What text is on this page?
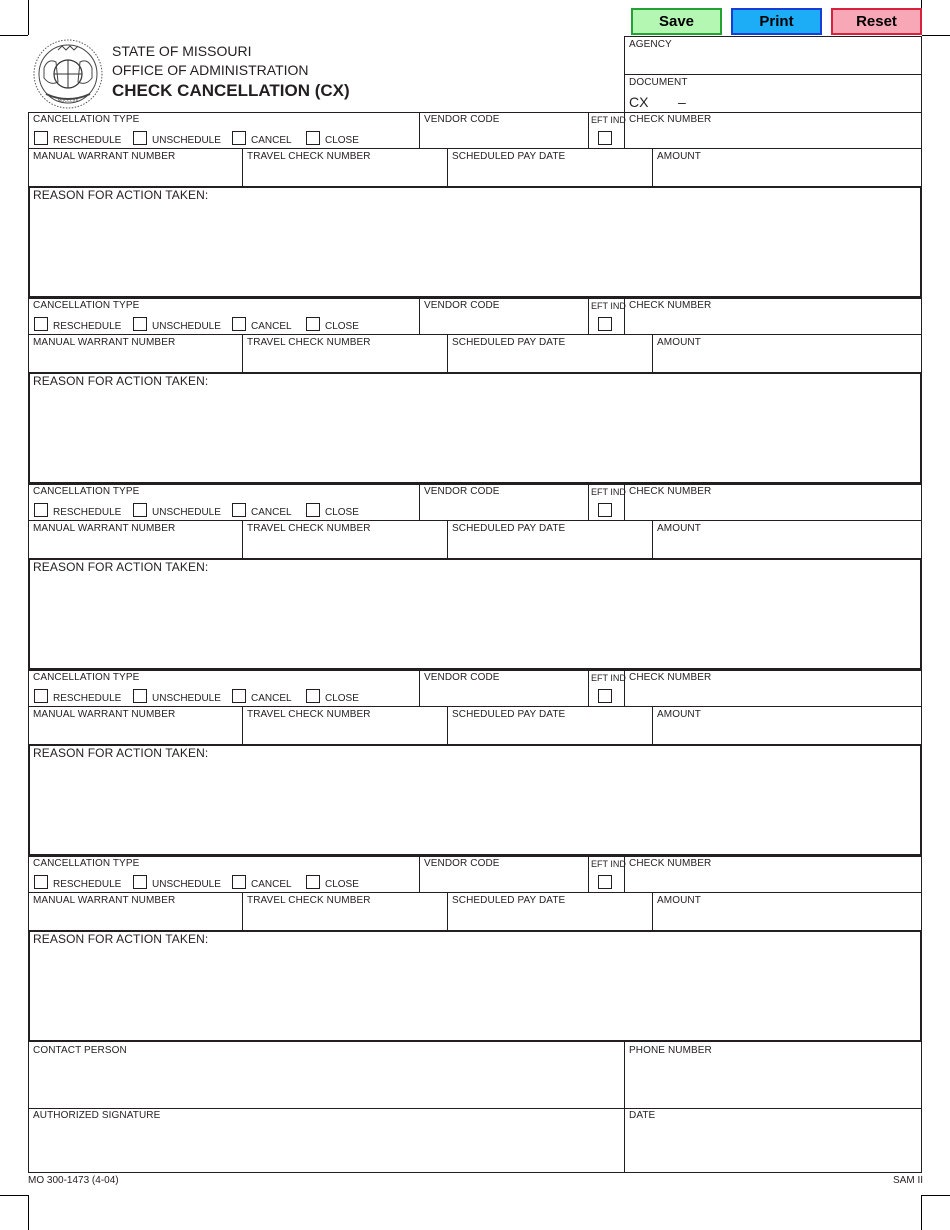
Save	Print	Reset
MDCCCXX
STATE OF MISSOURI
OFFICE OF ADMINISTRATION
CHECK CANCELLATION (CX)
AGENCY
DOCUMENT
CX –
CANCELLATION TYPE
RESCHEDULE	UNSCHEDULE	CANCEL	CLOSE
VENDOR CODE	EFT IND CHECK NUMBER
MANUAL WARRANT NUMBER	TRAVEL CHECK NUMBER	SCHEDULED PAY DATE	AMOUNT
REASON FOR ACTION TAKEN:
CANCELLATION TYPE
RESCHEDULE	UNSCHEDULE	CANCEL	CLOSE
VENDOR CODE	EFT IND CHECK NUMBER
MANUAL WARRANT NUMBER	TRAVEL CHECK NUMBER	SCHEDULED PAY DATE	AMOUNT
REASON FOR ACTION TAKEN:
CANCELLATION TYPE
RESCHEDULE	UNSCHEDULE	CANCEL	CLOSE
VENDOR CODE	EFT IND CHECK NUMBER
MANUAL WARRANT NUMBER	TRAVEL CHECK NUMBER	SCHEDULED PAY DATE	AMOUNT
REASON FOR ACTION TAKEN:
CANCELLATION TYPE
RESCHEDULE	UNSCHEDULE	CANCEL	CLOSE
VENDOR CODE	EFT IND CHECK NUMBER
MANUAL WARRANT NUMBER	TRAVEL CHECK NUMBER	SCHEDULED PAY DATE	AMOUNT
REASON FOR ACTION TAKEN:
CANCELLATION TYPE
RESCHEDULE	UNSCHEDULE	CANCEL	CLOSE
VENDOR CODE	EFT IND CHECK NUMBER
MANUAL WARRANT NUMBER	TRAVEL CHECK NUMBER	SCHEDULED PAY DATE	AMOUNT
REASON FOR ACTION TAKEN:
CONTACT PERSON	PHONE NUMBER
AUTHORIZED SIGNATURE	DATE
MO 300-1473 (4-04)	SAM II
